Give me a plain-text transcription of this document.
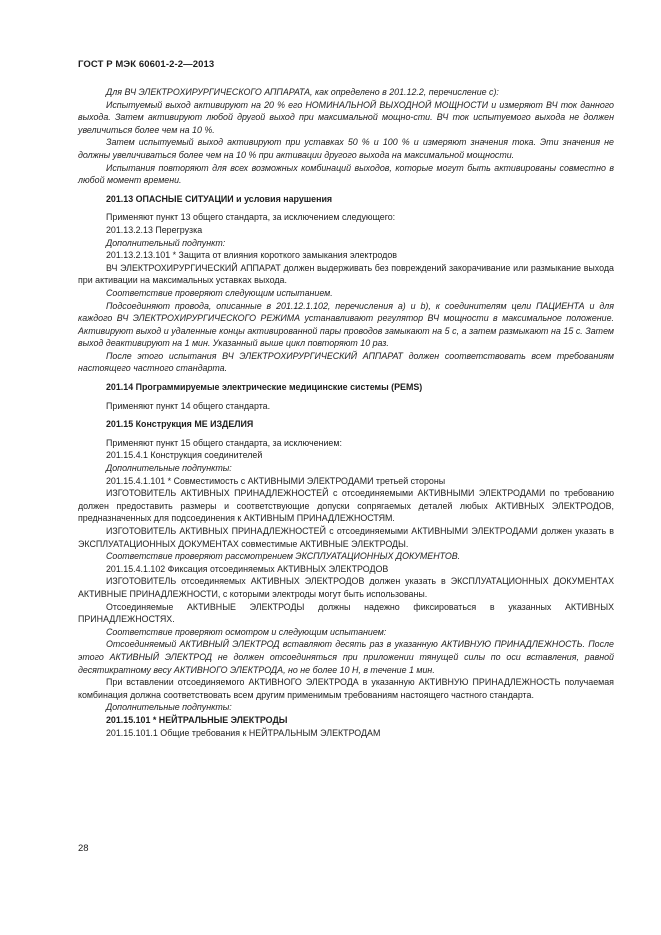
ГОСТ Р МЭК 60601-2-2—2013

Для ВЧ ЭЛЕКТРОХИРУРГИЧЕСКОГО АППАРАТА, как определено в 201.12.2, перечисление с):

Испытуемый выход активируют на 20 % его НОМИНАЛЬНОЙ ВЫХОДНОЙ МОЩНОСТИ и измеряют ВЧ ток данного выхода. Затем активируют любой другой выход при максимальной мощно-сти. ВЧ ток испытуемого выхода не должен увеличиться более чем на 10 %.

Затем испытуемый выход активируют при уставках 50 % и 100 % и измеряют значения тока. Эти значения не должны увеличиваться более чем на 10 % при активации другого выхода на максимальной мощности.

Испытания повторяют для всех возможных комбинаций выходов, которые могут быть активированы совместно в любой момент времени.

201.13 ОПАСНЫЕ СИТУАЦИИ и условия нарушения

Применяют пункт 13 общего стандарта, за исключением следующего:

201.13.2.13 Перегрузка

Дополнительный подпункт:

201.13.2.13.101 * Защита от влияния короткого замыкания электродов

ВЧ ЭЛЕКТРОХИРУРГИЧЕСКИЙ АППАРАТ должен выдерживать без повреждений закорачивание или размыкание выхода при активации на максимальных уставках выхода.

Соответствие проверяют следующим испытанием.

Подсоединяют провода, описанные в 201.12.1.102, перечисления а) и b), к соединителям цели ПАЦИЕНТА и для каждого ВЧ ЭЛЕКТРОХИРУРГИЧЕСКОГО РЕЖИМА устанавливают регулятор ВЧ мощности в максимальное положение. Активируют выход и удаленные концы активированной пары проводов замыкают на 5 с, а затем размыкают на 15 с. Затем выход деактивируют на 1 мин. Указанный выше цикл повторяют 10 раз.

После этого испытания ВЧ ЭЛЕКТРОХИРУРГИЧЕСКИЙ АППАРАТ должен соответствовать всем требованиям настоящего частного стандарта.

201.14 Программируемые электрические медицинские системы (PEMS)

Применяют пункт 14 общего стандарта.

201.15 Конструкция МЕ ИЗДЕЛИЯ

Применяют пункт 15 общего стандарта, за исключением:

201.15.4.1 Конструкция соединителей

Дополнительные подпункты:

201.15.4.1.101 * Совместимость с АКТИВНЫМИ ЭЛЕКТРОДАМИ третьей стороны

ИЗГОТОВИТЕЛЬ АКТИВНЫХ ПРИНАДЛЕЖНОСТЕЙ с отсоединяемыми АКТИВНЫМИ ЭЛЕКТРОДАМИ по требованию должен предоставить размеры и соответствующие допуски сопрягаемых деталей любых АКТИВНЫХ ЭЛЕКТРОДОВ, предназначенных для подсоединения к АКТИВНЫМ ПРИНАДЛЕЖНОСТЯМ.

ИЗГОТОВИТЕЛЬ АКТИВНЫХ ПРИНАДЛЕЖНОСТЕЙ с отсоединяемыми АКТИВНЫМИ ЭЛЕКТРОДАМИ должен указать в ЭКСПЛУАТАЦИОННЫХ ДОКУМЕНТАХ совместимые АКТИВНЫЕ ЭЛЕКТРОДЫ.

Соответствие проверяют рассмотрением ЭКСПЛУАТАЦИОННЫХ ДОКУМЕНТОВ.

201.15.4.1.102 Фиксация отсоединяемых АКТИВНЫХ ЭЛЕКТРОДОВ

ИЗГОТОВИТЕЛЬ отсоединяемых АКТИВНЫХ ЭЛЕКТРОДОВ должен указать в ЭКСПЛУАТАЦИОННЫХ ДОКУМЕНТАХ АКТИВНЫЕ ПРИНАДЛЕЖНОСТИ, с которыми электроды могут быть использованы.

Отсоединяемые АКТИВНЫЕ ЭЛЕКТРОДЫ должны надежно фиксироваться в указанных АКТИВНЫХ ПРИНАДЛЕЖНОСТЯХ.

Соответствие проверяют осмотром и следующим испытанием:

Отсоединяемый АКТИВНЫЙ ЭЛЕКТРОД вставляют десять раз в указанную АКТИВНУЮ ПРИНАДЛЕЖНОСТЬ. После этого АКТИВНЫЙ ЭЛЕКТРОД не должен отсоединяться при приложении тянущей силы по оси вставления, равной десятикратному весу АКТИВНОГО ЭЛЕКТРОДА, но не более 10 Н, в течение 1 мин.

При вставлении отсоединяемого АКТИВНОГО ЭЛЕКТРОДА в указанную АКТИВНУЮ ПРИНАДЛЕЖНОСТЬ получаемая комбинация должна соответствовать всем другим применимым требованиям настоящего частного стандарта.

Дополнительные подпункты:

201.15.101 * НЕЙТРАЛЬНЫЕ ЭЛЕКТРОДЫ

201.15.101.1 Общие требования к НЕЙТРАЛЬНЫМ ЭЛЕКТРОДАМ

28
